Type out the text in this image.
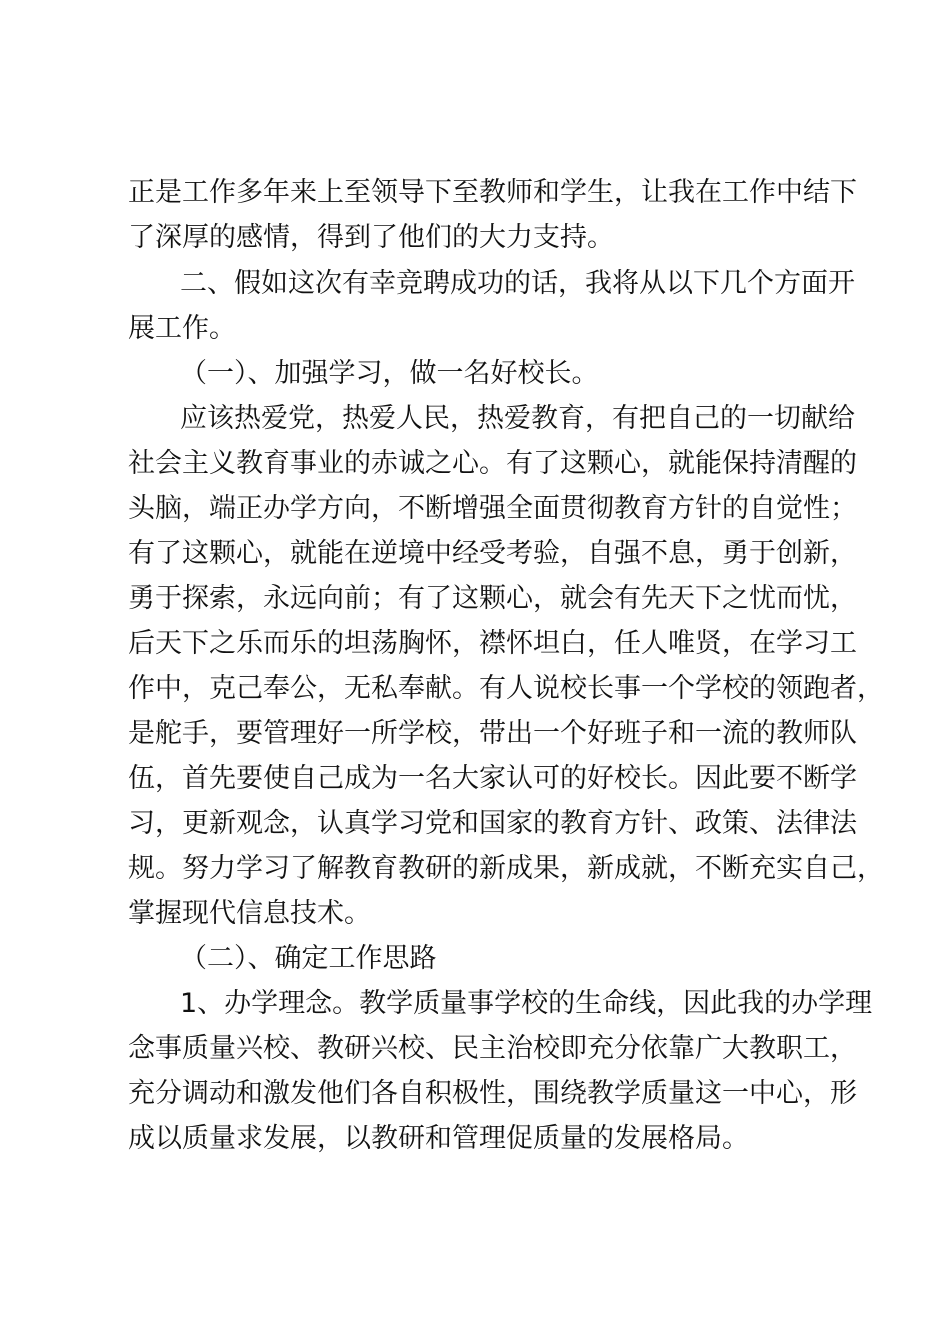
正是工作多年来上至领导下至教师和学生，让我在工作中结下
了深厚的感情，得到了他们的大力支持。
二、假如这次有幸竞聘成功的话，我将从以下几个方面开
展工作。
（一）、加强学习，做一名好校长。
应该热爱党，热爱人民，热爱教育，有把自己的一切献给
社会主义教育事业的赤诚之心。有了这颗心，就能保持清醒的
头脑，端正办学方向，不断增强全面贯彻教育方针的自觉性；
有了这颗心，就能在逆境中经受考验，自强不息，勇于创新，
勇于探索，永远向前；有了这颗心，就会有先天下之忧而忧，
后天下之乐而乐的坦荡胸怀，襟怀坦白，任人唯贤，在学习工
作中，克己奉公，无私奉献。有人说校长事一个学校的领跑者，
是舵手，要管理好一所学校，带出一个好班子和一流的教师队
伍，首先要使自己成为一名大家认可的好校长。因此要不断学
习，更新观念，认真学习党和国家的教育方针、政策、法律法
规。努力学习了解教育教研的新成果，新成就，不断充实自己，
掌握现代信息技术。
（二）、确定工作思路
1、办学理念。教学质量事学校的生命线，因此我的办学理
念事质量兴校、教研兴校、民主治校即充分依靠广大教职工，
充分调动和激发他们各自积极性，围绕教学质量这一中心，形
成以质量求发展，以教研和管理促质量的发展格局。
